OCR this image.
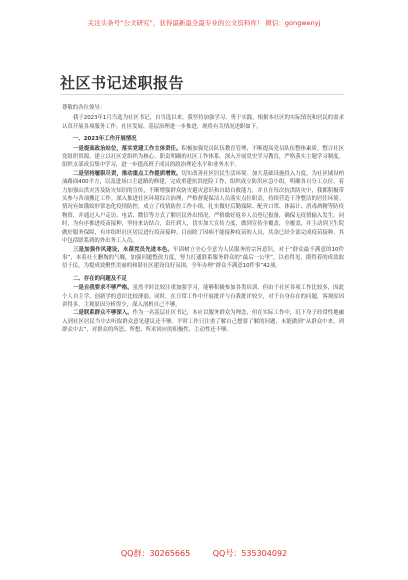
关注头条号“公文研究”，获得最新最全最专业的公文资料库！ 微信：gongwenyj
社区书记述职报告

尊敬的各位领导：

我于2023年1月当选为社区书记，自当选以来，我坚持加强学习、勇于实践，根据本社区的实际情况和居民的需求认真开展各项服务工作。社区发展、基层治理进一步推进，现将有关情况述职如下。

一、2023年工作开展情况

一是提高政治站位，落实党建工作主体责任。积极加强党员队伍教育管理，不断提高党员队伍整体素质。整合社区党组织资源，建立以社区党组织为核心、职责明确的社区工作体系。深入开展党史学习教育，严格落实主题学习制度，组织支部成员集中学习，进一步提高班子成员的政治理论水平和业务水平。

二是坚持履职尽责，推动重点工作提质增效。切实改善社区居民生活环境。加大基础设施投入力度，为社区铺设柏油路面400平方，以及进场口主道路的修建，完成重建抗洪抢险工作，组织成立防洪应急小组，明确各自分工点位，着力加强山洪灾害及防灾知识的宣传，不断增强群众防灾避灾意识和自助自救能力，并且在每次抗洪防灾中，我都积极带头参与各项搬迁工作。深入推进社区环境综合治理，严格督促保洁人员落实点位职责，持续营造干净整洁的居住环境。情况有如饿蚊形常态化疫情防控，成立了疫情防控工作小组，扎实做好后勤保障、配齐口罩、体温计、消毒酒精等防疫物资，并通过入户走访、电话、微信等方式了解居民外出情况，严格做好返乡人员登记报备，确保无疫情输入发生。同时，为有序推进疫苗接种，坚持来访结合，责任到人，切实加大宣传力度，做到宣传全覆盖，全覆盖，并主动到卫生院做好服务保障，有序组织社区居民进行疫苗接种。目前除了因病不能接种疫苗的人员，其余已经全部完成疫苗接种，其中包括联系到的外出务工人员。

三是加强作风建设，永葆党员先进本色。牢固树立全心全意为人民服务的宗旨意识，对于“群众最不满意的10件事”，本着社士删掏的气魄，加强问题整改力度，努力打通联系服务群众的“最后一公里”，以看得见、摸得着的成效取信于民。为提成效聚焦美丽的和谐社区建设良好氛围，全年办理“群众不满意10件事”42项。

二、存在的问题及不足

一是自我要求不够严格。虽然平时比较注重加强学习，能够积极参加各类培训，但由于社区各项工作比较多，因此个人自主学、创新学的意识比较薄弱。同时，在日常工作中开展批评与自我批评较少，对于自身存在的问题，客观原因讲得多，主观原因分析得少，深入剖析自己不够。

二是联系群众不够深入。作为一名基层社区书记，本应以服务群众为理念，但在实际工作中，沉下身子经常性地融入到社区居民当中去听取群众意见建议还不够。平时工作只注重了解自己想要了解的问题，未能做到“从群众中来，到群众中去”，对群众的所思、所想、所求回应的积极性、主动性还不够。

QQ群：30265665	QQ号：535304092
